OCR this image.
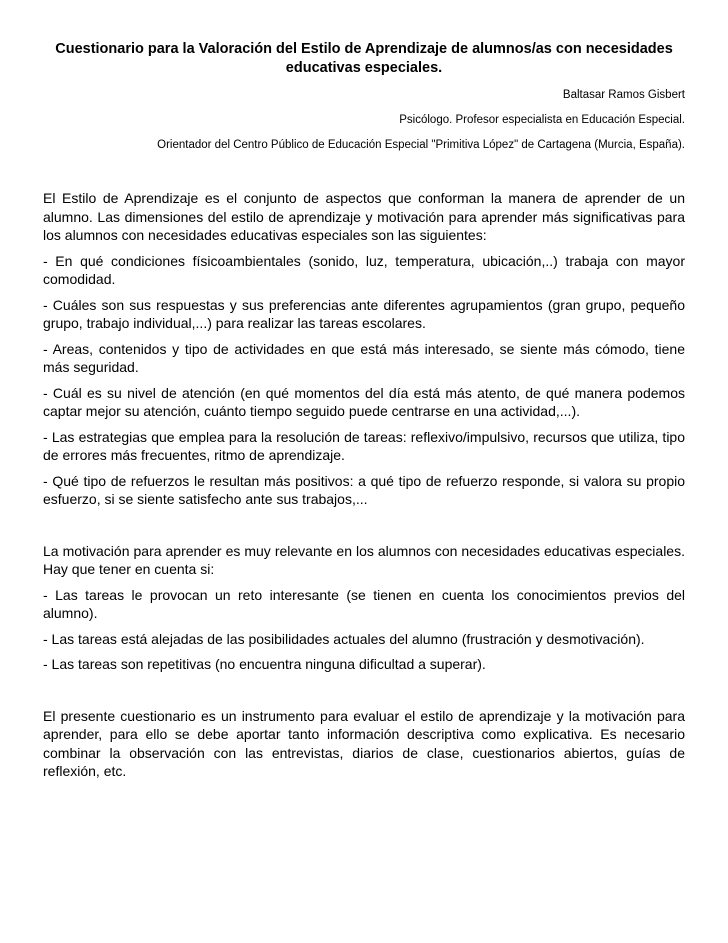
Cuestionario para la Valoración del Estilo de Aprendizaje de alumnos/as con necesidades educativas especiales.
Baltasar Ramos Gisbert
Psicólogo. Profesor especialista en Educación Especial.
Orientador del Centro Público de Educación Especial "Primitiva López" de Cartagena (Murcia, España).
El Estilo de Aprendizaje es el conjunto de aspectos que conforman la manera de aprender de un alumno. Las dimensiones del estilo de aprendizaje y motivación para aprender más significativas para los alumnos con necesidades educativas especiales son las siguientes:
- En qué condiciones físicoambientales (sonido, luz, temperatura, ubicación,..) trabaja con mayor comodidad.
- Cuáles son sus respuestas y sus preferencias ante diferentes agrupamientos (gran grupo, pequeño grupo, trabajo individual,...) para realizar las tareas escolares.
- Areas, contenidos y tipo de actividades en que está más interesado, se siente más cómodo, tiene más seguridad.
- Cuál es su nivel de atención (en qué momentos del día está más atento, de qué manera podemos captar mejor su atención, cuánto tiempo seguido puede centrarse en una actividad,...).
- Las estrategias que emplea para la resolución de tareas: reflexivo/impulsivo, recursos que utiliza, tipo de errores más frecuentes, ritmo de aprendizaje.
- Qué tipo de refuerzos le resultan más positivos: a qué tipo de refuerzo responde, si valora su propio esfuerzo, si se siente satisfecho ante sus trabajos,...
La motivación para aprender es muy relevante en los alumnos con necesidades educativas especiales. Hay que tener en cuenta si:
- Las tareas le provocan un reto interesante (se tienen en cuenta los conocimientos previos del alumno).
- Las tareas está alejadas de las posibilidades actuales del alumno (frustración y desmotivación).
- Las tareas son repetitivas (no encuentra ninguna dificultad a superar).
El presente cuestionario es un instrumento para evaluar el estilo de aprendizaje y la motivación para aprender, para ello se debe aportar tanto información descriptiva como explicativa. Es necesario combinar la observación con las entrevistas, diarios de clase, cuestionarios abiertos, guías de reflexión, etc.
